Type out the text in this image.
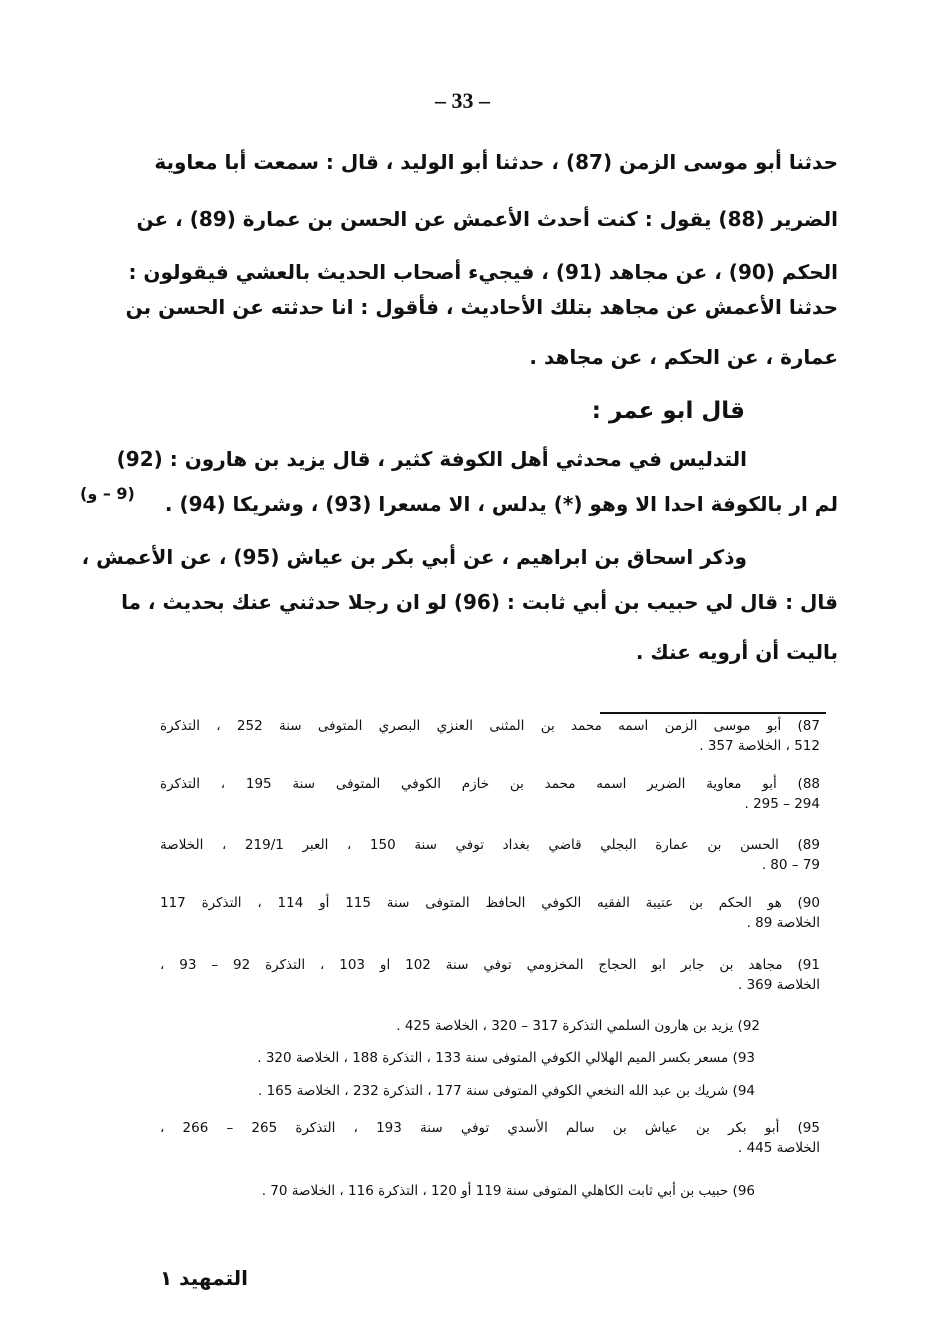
– 33 –
حدثنا أبو موسى الزمن (87) ، حدثنا أبو الوليد ، قال : سمعت أبا معاوية
الضرير (88) يقول : كنت أحدث الأعمش عن الحسن بن عمارة (89) ، عن
الحكم (90) ، عن مجاهد (91) ، فيجيء أصحاب الحديث بالعشي فيقولون :
حدثنا الأعمش عن مجاهد بتلك الأحاديث ، فأقول : انا حدثته عن الحسن بن
عمارة ، عن الحكم ، عن مجاهد .
قال ابو عمر :
التدليس في محدثي أهل الكوفة كثير ، قال يزيد بن هارون : (92)
لم ار بالكوفة احدا الا وهو (*) يدلس ، الا مسعرا (93) ، وشريكا (94) .
(9 – و)
وذكر اسحاق بن ابراهيم ، عن أبي بكر بن عياش (95) ، عن الأعمش ،
قال : قال لي حبيب بن أبي ثابت : (96) لو ان رجلا حدثني عنك بحديث ، ما
باليت أن أرويه عنك .
87) أبو موسى الزمن اسمه محمد بن المثنى العنزي البصري المتوفى سنة 252 ، التذكرة
512 ، الخلاصة 357 .
88) أبو معاوية الضرير اسمه محمد بن خازم الكوفي المتوفى سنة 195 ، التذكرة
294 – 295 .
89) الحسن بن عمارة البجلي قاضي بغداد توفي سنة 150 ، العبر 219/1 ، الخلاصة
79 – 80 .
90) هو الحكم بن عتيبة الفقيه الكوفي الحافظ المتوفى سنة 115 أو 114 ، التذكرة 117
الخلاصة 89 .
91) مجاهد بن جابر ابو الحجاج المخزومي توفي سنة 102 او 103 ، التذكرة 92 – 93 ،
الخلاصة 369 .
92) يزيد بن هارون السلمي التذكرة 317 – 320 ، الخلاصة 425 .
93) مسعر بكسر الميم الهلالي الكوفي المتوفى سنة 133 ، التذكرة 188 ، الخلاصة 320 .
94) شريك بن عبد الله النخعي الكوفي المتوفى سنة 177 ، التذكرة 232 ، الخلاصة 165 .
95) أبو بكر بن عياش بن سالم الأسدي توفي سنة 193 ، التذكرة 265 – 266 ،
الخلاصة 445 .
96) حبيب بن أبي ثابت الكاهلي المتوفى سنة 119 أو 120 ، التذكرة 116 ، الخلاصة 70 .
التمهيد ١
